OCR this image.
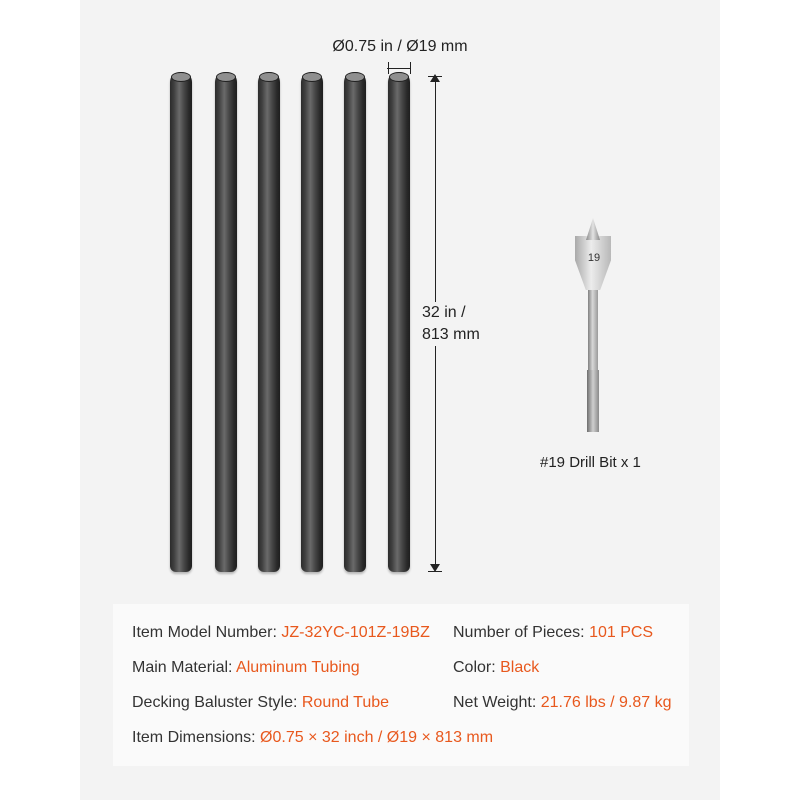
Ø0.75 in / Ø19 mm
32 in /
813 mm
19
#19 Drill Bit x 1
Item Model Number: JZ-32YC-101Z-19BZ Number of Pieces: 101 PCS
Main Material: Aluminum Tubing	Color: Black
Decking Baluster Style: Round Tube	Net Weight: 21.76 lbs / 9.87 kg
Item Dimensions: Ø0.75 × 32 inch / Ø19 × 813 mm
